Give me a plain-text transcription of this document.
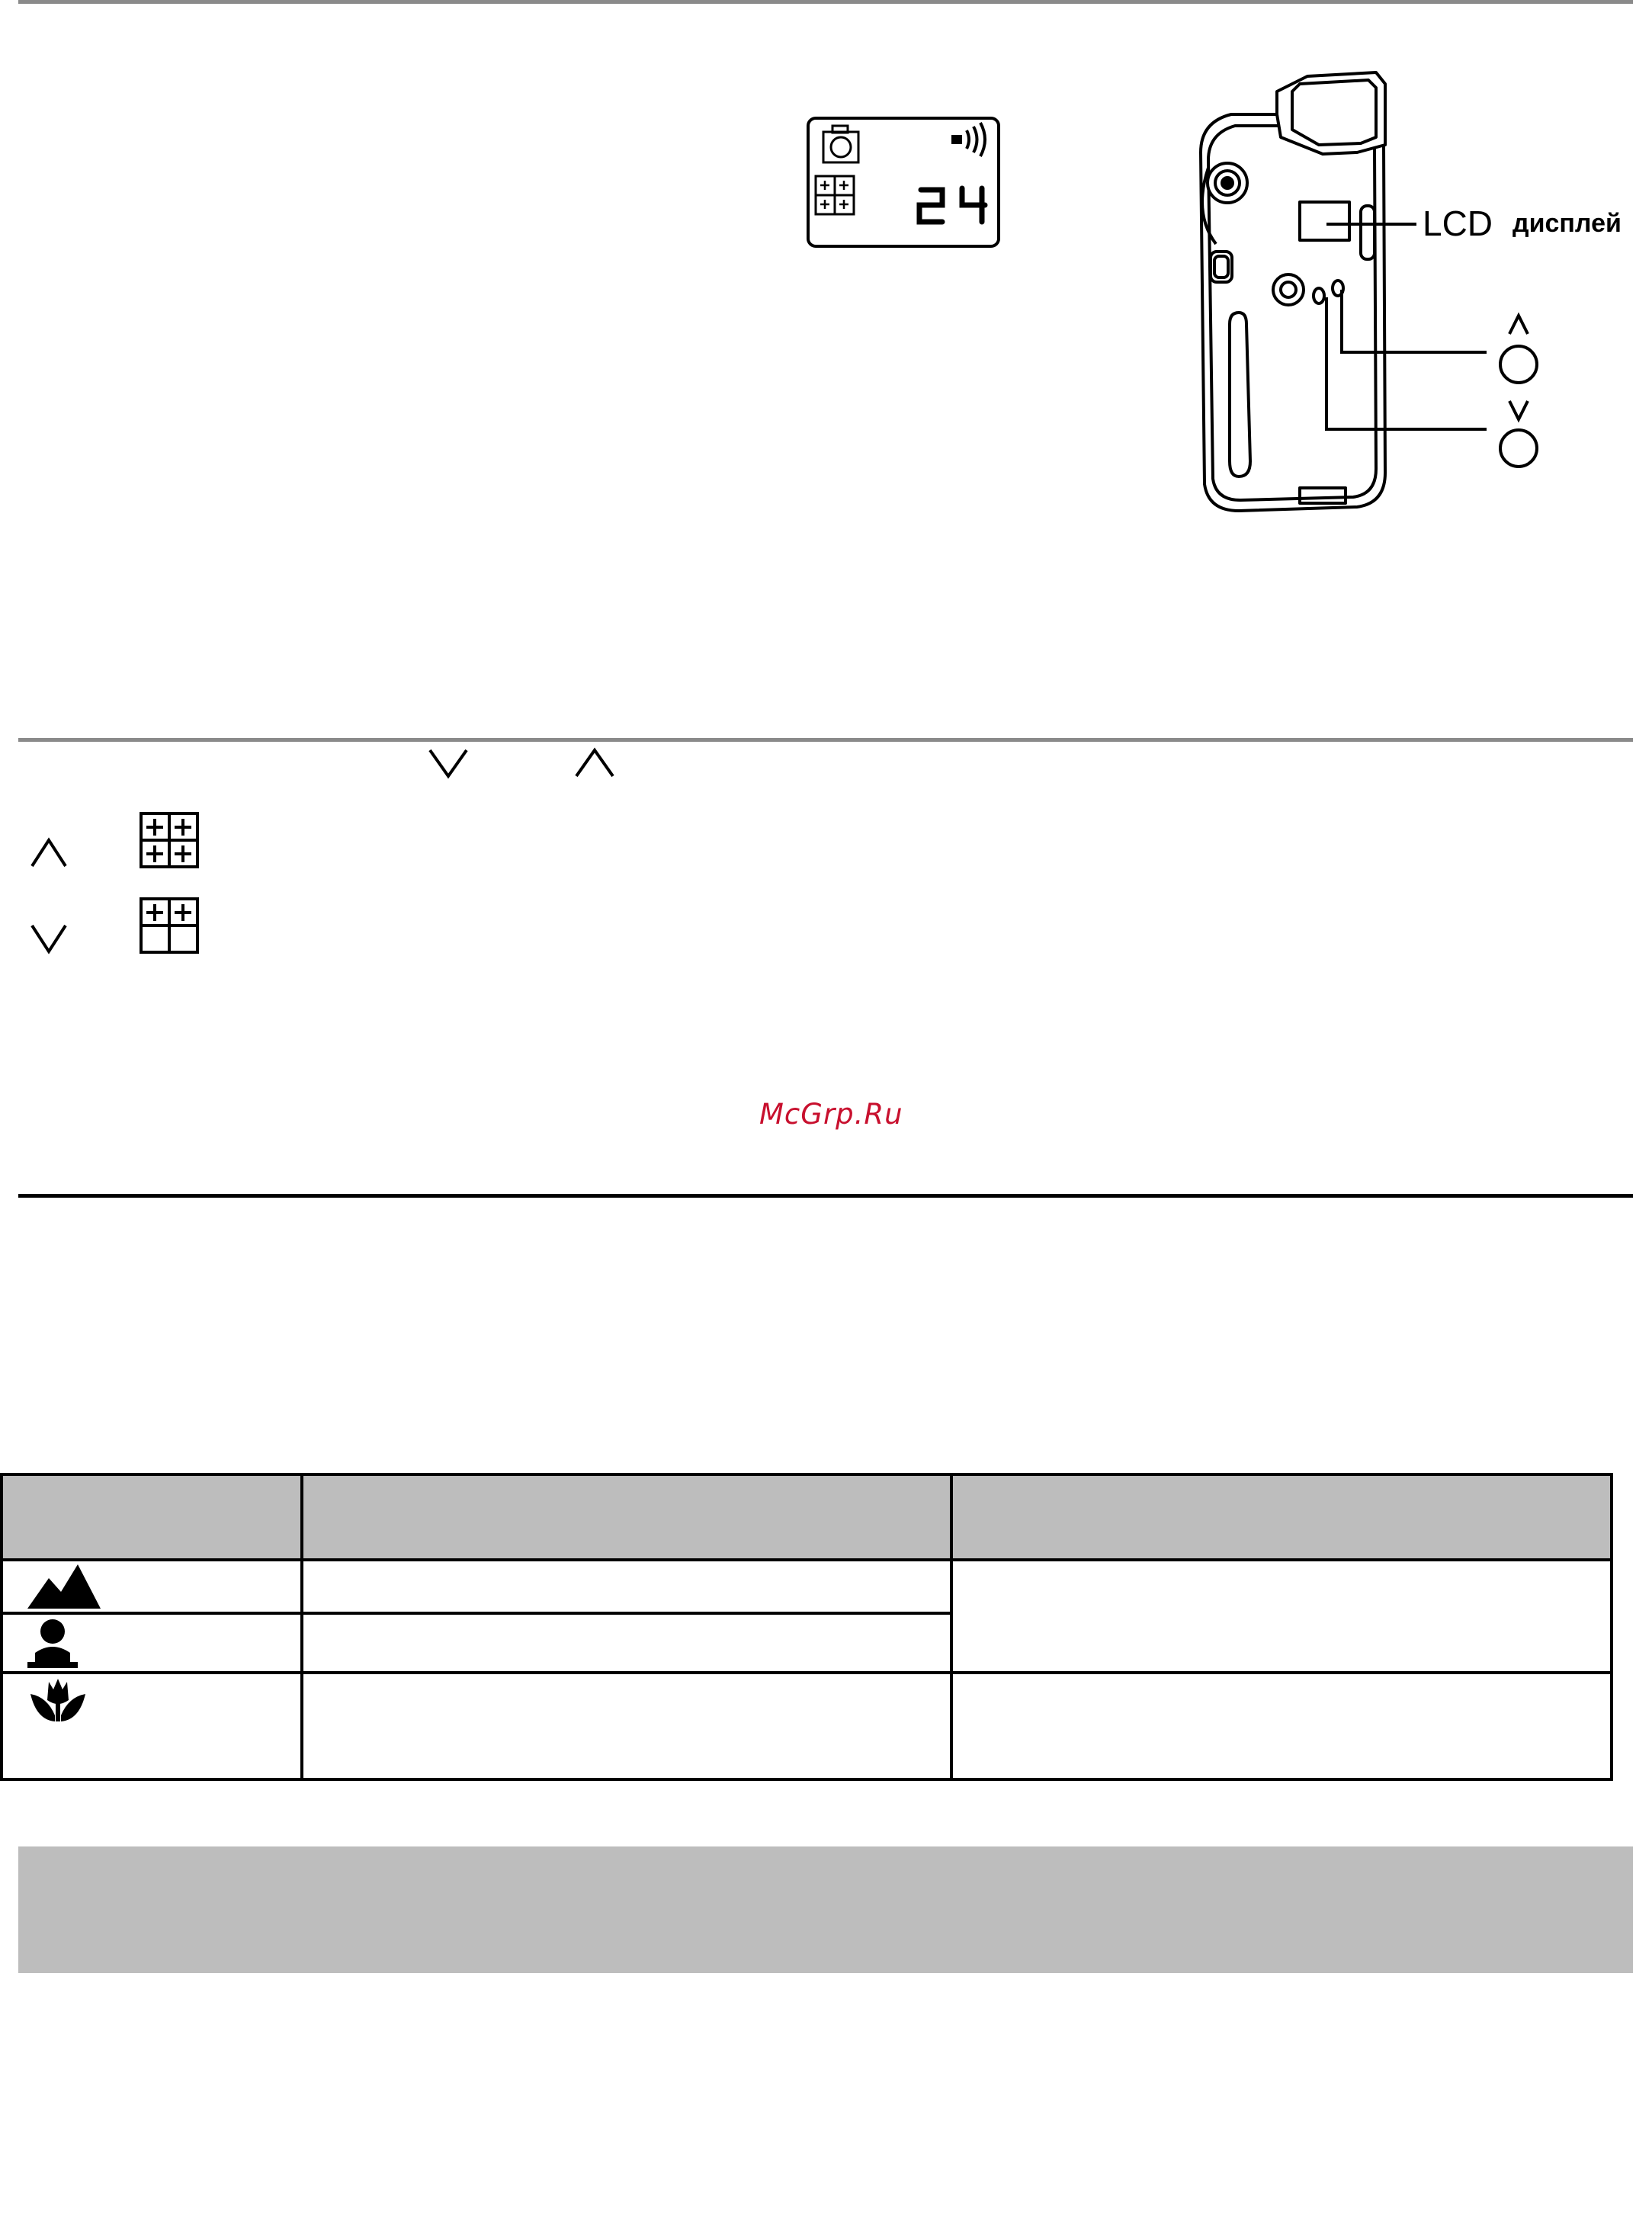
LCD дисплей
McGrp.Ru
